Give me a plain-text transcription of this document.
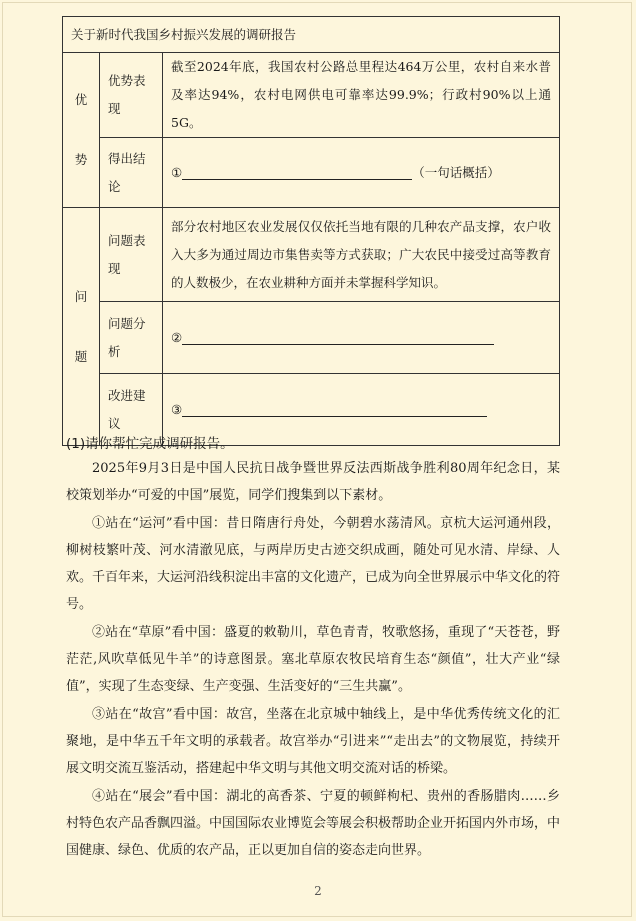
关于新时代我国乡村振兴发展的调研报告		
优势	优势表现	截至2024年底，我国农村公路总里程达464万公里，农村自来水普及率达94%，农村电网供电可靠率达99.9%；行政村90%以上通5G。
	得出结论	① （一句话概括）
问题	问题表现	部分农村地区农业发展仅仅依托当地有限的几种农产品支撑，农户收入大多为通过周边市集售卖等方式获取；广大农民中接受过高等教育的人数极少，在农业耕种方面并未掌握科学知识。
	问题分析	②
	改进建议	③
(1)请你帮忙完成调研报告。

2025年9月3日是中国人民抗日战争暨世界反法西斯战争胜利80周年纪念日，某校策划举办“可爱的中国”展览，同学们搜集到以下素材。

①站在“运河”看中国：昔日隋唐行舟处，今朝碧水荡清风。京杭大运河通州段，柳树枝繁叶茂、河水清澈见底，与两岸历史古迹交织成画，随处可见水清、岸绿、人欢。千百年来，大运河沿线积淀出丰富的文化遗产，已成为向全世界展示中华文化的符号。

②站在“草原”看中国：盛夏的敕勒川，草色青青，牧歌悠扬，重现了“天苍苍，野茫茫,风吹草低见牛羊”的诗意图景。塞北草原农牧民培育生态“颜值”，壮大产业“绿值”，实现了生态变绿、生产变强、生活变好的“三生共赢”。

③站在“故宫”看中国：故宫，坐落在北京城中轴线上，是中华优秀传统文化的汇聚地，是中华五千年文明的承载者。故宫举办“引进来”“走出去”的文物展览，持续开展文明交流互鉴活动，搭建起中华文明与其他文明交流对话的桥梁。

④站在“展会”看中国：湖北的高香茶、宁夏的顿鲜枸杞、贵州的香肠腊肉……乡村特色农产品香飘四溢。中国国际农业博览会等展会积极帮助企业开拓国内外市场，中国健康、绿色、优质的农产品，正以更加自信的姿态走向世界。

2
